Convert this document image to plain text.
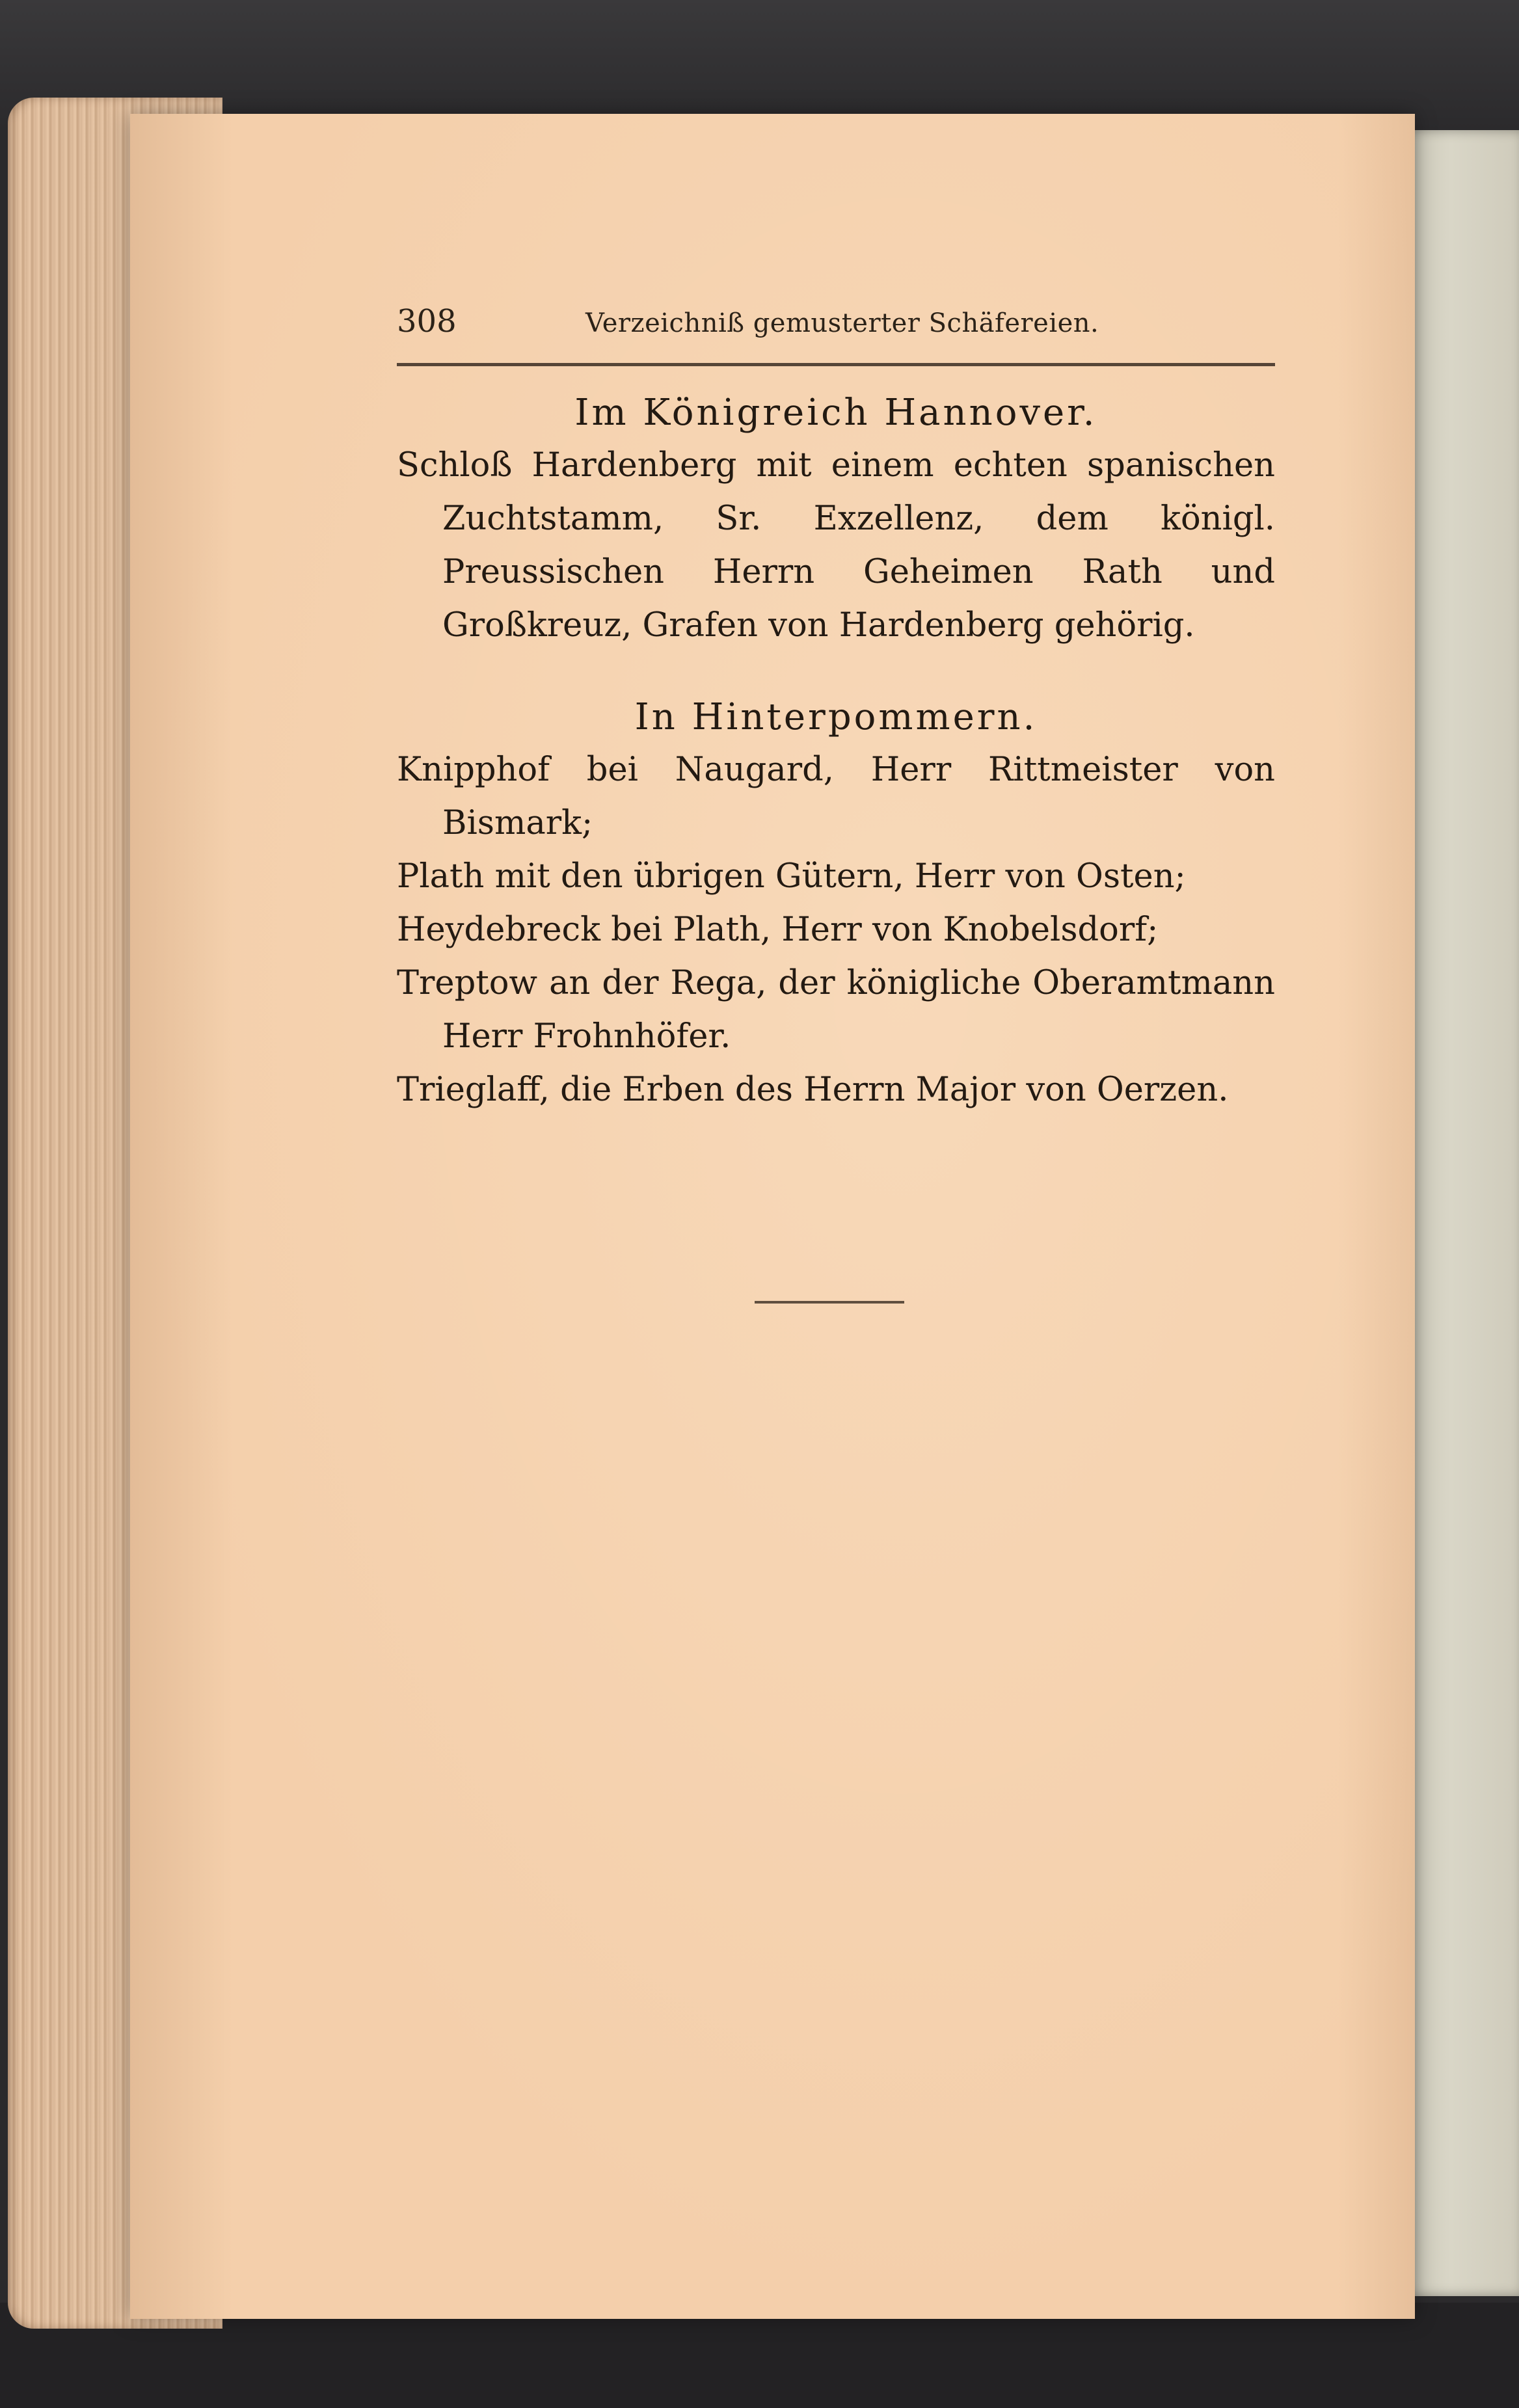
308	Verzeichniß gemusterter Schäfereien.
Im Königreich Hannover.
Schloß Hardenberg mit einem echten spanischen Zuchtstamm, Sr. Exzellenz, dem königl. Preussischen Herrn Geheimen Rath und Großkreuz, Grafen von Hardenberg gehörig.
In Hinterpommern.
Knipphof bei Naugard, Herr Rittmeister von Bismark;
Plath mit den übrigen Gütern, Herr von Osten;
Heydebreck bei Plath, Herr von Knobelsdorf;
Treptow an der Rega, der königliche Oberamtmann Herr Frohnhöfer.
Trieglaff, die Erben des Herrn Major von Oerzen.
